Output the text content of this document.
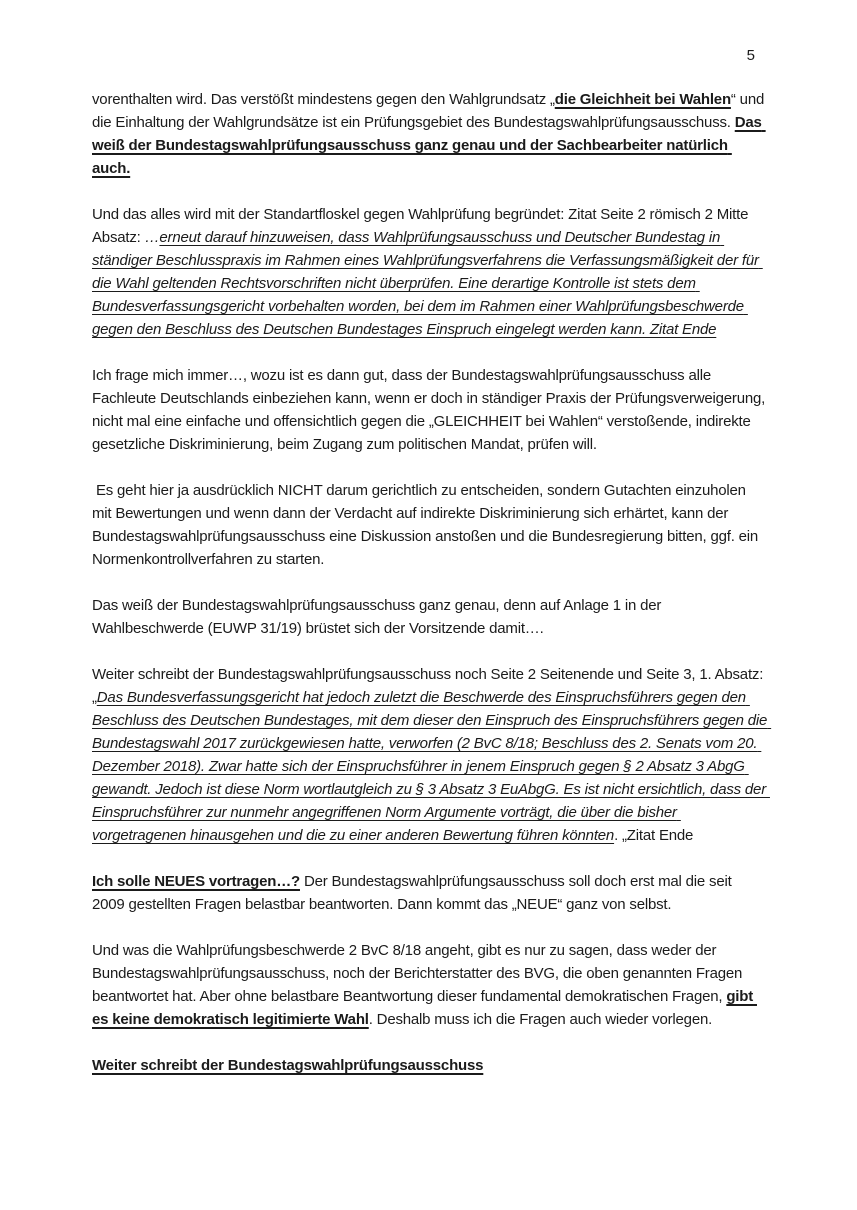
5

vorenthalten wird. Das verstößt mindestens gegen den Wahlgrundsatz „die Gleichheit bei Wahlen“ und die Einhaltung der Wahlgrundsätze ist ein Prüfungsgebiet des Bundestagswahlprüfungsausschuss. Das weiß der Bundestagswahlprüfungsausschuss ganz genau und der Sachbearbeiter natürlich auch.

Und das alles wird mit der Standartfloskel gegen Wahlprüfung begründet: Zitat Seite 2 römisch 2 Mitte Absatz: …erneut darauf hinzuweisen, dass Wahlprüfungsausschuss und Deutscher Bundestag in ständiger Beschlusspraxis im Rahmen eines Wahlprüfungsverfahrens die Verfassungsmäßigkeit der für die Wahl geltenden Rechtsvorschriften nicht überprüfen. Eine derartige Kontrolle ist stets dem Bundesverfassungsgericht vorbehalten worden, bei dem im Rahmen einer Wahlprüfungsbeschwerde gegen den Beschluss des Deutschen Bundestages Einspruch eingelegt werden kann. Zitat Ende

Ich frage mich immer…, wozu ist es dann gut, dass der Bundestagswahlprüfungsausschuss alle Fachleute Deutschlands einbeziehen kann, wenn er doch in ständiger Praxis der Prüfungsverweigerung, nicht mal eine einfache und offensichtlich gegen die „GLEICHHEIT bei Wahlen“ verstoßende, indirekte gesetzliche Diskriminierung, beim Zugang zum politischen Mandat, prüfen will.

Es geht hier ja ausdrücklich NICHT darum gerichtlich zu entscheiden, sondern Gutachten einzuholen mit Bewertungen und wenn dann der Verdacht auf indirekte Diskriminierung sich erhärtet, kann der Bundestagswahlprüfungsausschuss eine Diskussion anstoßen und die Bundesregierung bitten, ggf. ein Normenkontrollverfahren zu starten.

Das weiß der Bundestagswahlprüfungsausschuss ganz genau, denn auf Anlage 1 in der Wahlbeschwerde (EUWP 31/19) brüstet sich der Vorsitzende damit….

Weiter schreibt der Bundestagswahlprüfungsausschuss noch Seite 2 Seitenende und Seite 3, 1. Absatz: „Das Bundesverfassungsgericht hat jedoch zuletzt die Beschwerde des Einspruchsführers gegen den Beschluss des Deutschen Bundestages, mit dem dieser den Einspruch des Einspruchsführers gegen die Bundestagswahl 2017 zurückgewiesen hatte, verworfen (2 BvC 8/18; Beschluss des 2. Senats vom 20. Dezember 2018). Zwar hatte sich der Einspruchsführer in jenem Einspruch gegen § 2 Absatz 3 AbgG gewandt. Jedoch ist diese Norm wortlautgleich zu § 3 Absatz 3 EuAbgG. Es ist nicht ersichtlich, dass der Einspruchsführer zur nunmehr angegriffenen Norm Argumente vorträgt, die über die bisher vorgetragenen hinausgehen und die zu einer anderen Bewertung führen könnten. „Zitat Ende

Ich solle NEUES vortragen…? Der Bundestagswahlprüfungsausschuss soll doch erst mal die seit 2009 gestellten Fragen belastbar beantworten. Dann kommt das „NEUE“ ganz von selbst.

Und was die Wahlprüfungsbeschwerde 2 BvC 8/18 angeht, gibt es nur zu sagen, dass weder der Bundestagswahlprüfungsausschuss, noch der Berichterstatter des BVG, die oben genannten Fragen beantwortet hat. Aber ohne belastbare Beantwortung dieser fundamental demokratischen Fragen, gibt es keine demokratisch legitimierte Wahl. Deshalb muss ich die Fragen auch wieder vorlegen.

Weiter schreibt der Bundestagswahlprüfungsausschuss
